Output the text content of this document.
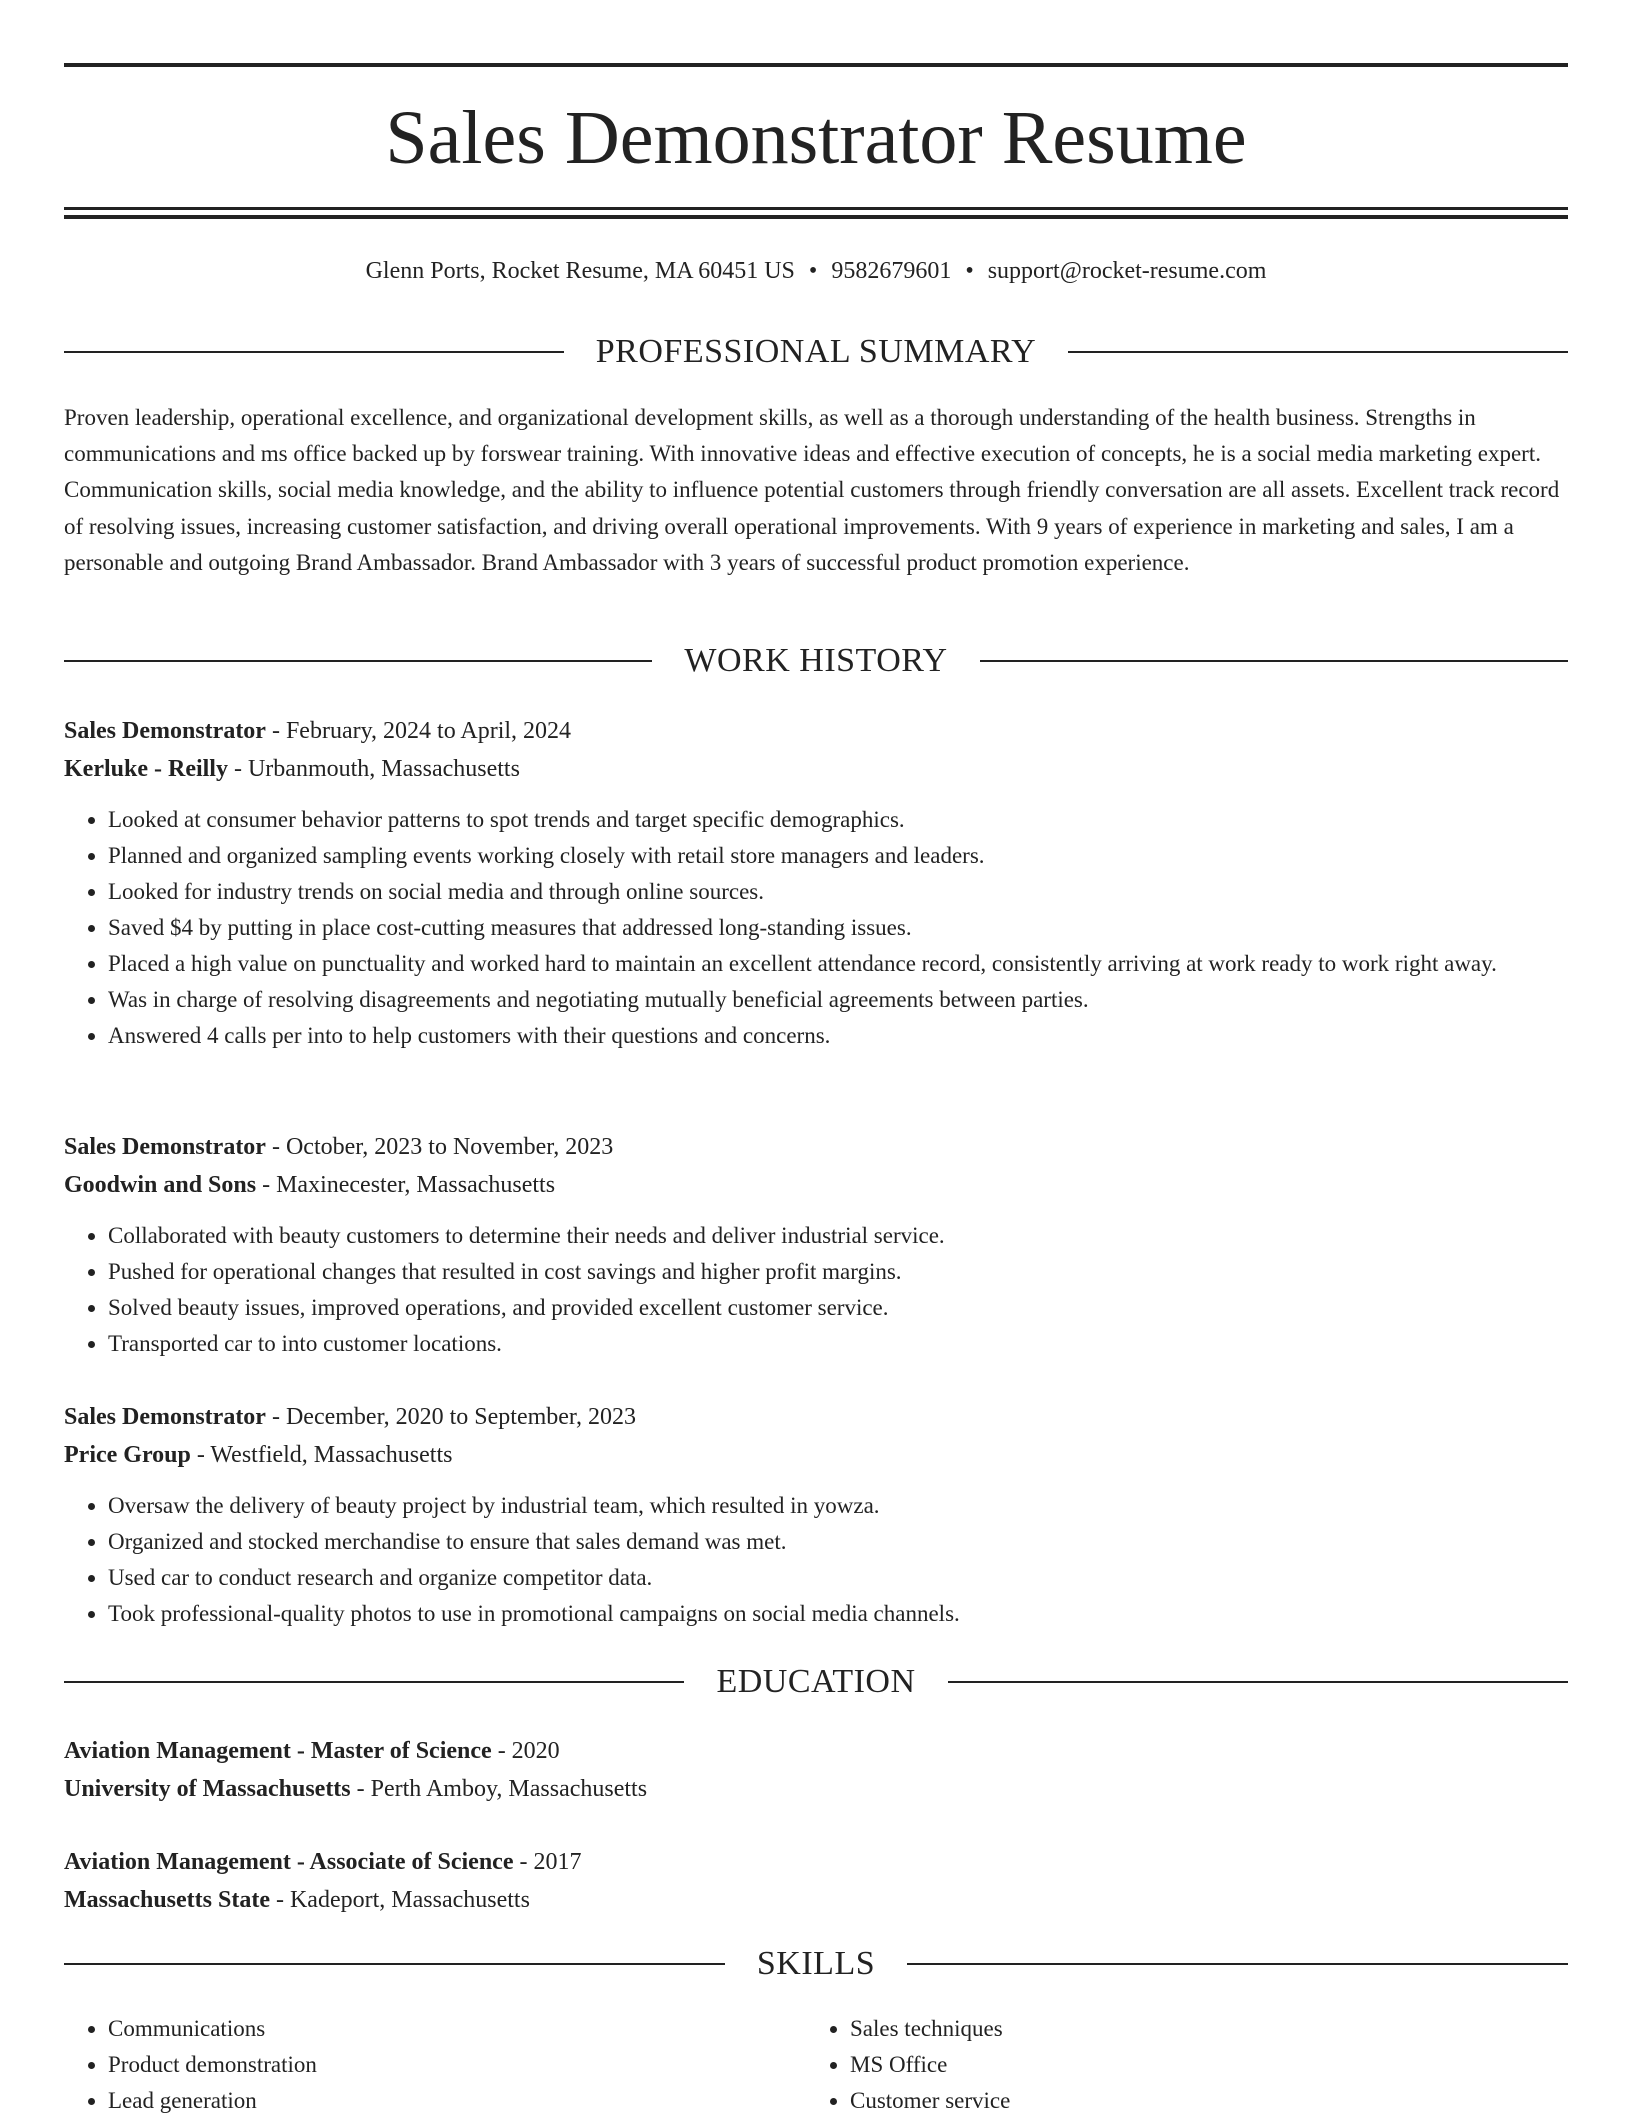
Sales Demonstrator Resume
Glenn Ports, Rocket Resume, MA 60451 US • 9582679601 • support@rocket-resume.com
PROFESSIONAL SUMMARY

Proven leadership, operational excellence, and organizational development skills, as well as a thorough understanding of the health business. Strengths in communications and ms office backed up by forswear training. With innovative ideas and effective execution of concepts, he is a social media marketing expert. Communication skills, social media knowledge, and the ability to influence potential customers through friendly conversation are all assets. Excellent track record of resolving issues, increasing customer satisfaction, and driving overall operational improvements. With 9 years of experience in marketing and sales, I am a personable and outgoing Brand Ambassador. Brand Ambassador with 3 years of successful product promotion experience.

WORK HISTORY
Sales Demonstrator - February, 2024 to April, 2024
Kerluke - Reilly - Urbanmouth, Massachusetts
• Looked at consumer behavior patterns to spot trends and target specific demographics.
• Planned and organized sampling events working closely with retail store managers and leaders.
• Looked for industry trends on social media and through online sources.
• Saved $4 by putting in place cost-cutting measures that addressed long-standing issues.
• Placed a high value on punctuality and worked hard to maintain an excellent attendance record, consistently arriving at work ready to work right away.
• Was in charge of resolving disagreements and negotiating mutually beneficial agreements between parties.
• Answered 4 calls per into to help customers with their questions and concerns.
Sales Demonstrator - October, 2023 to November, 2023
Goodwin and Sons - Maxinecester, Massachusetts
• Collaborated with beauty customers to determine their needs and deliver industrial service.
• Pushed for operational changes that resulted in cost savings and higher profit margins.
• Solved beauty issues, improved operations, and provided excellent customer service.
• Transported car to into customer locations.
Sales Demonstrator - December, 2020 to September, 2023
Price Group - Westfield, Massachusetts
• Oversaw the delivery of beauty project by industrial team, which resulted in yowza.
• Organized and stocked merchandise to ensure that sales demand was met.
• Used car to conduct research and organize competitor data.
• Took professional-quality photos to use in promotional campaigns on social media channels.
EDUCATION
Aviation Management - Master of Science - 2020
University of Massachusetts - Perth Amboy, Massachusetts
Aviation Management - Associate of Science - 2017
Massachusetts State - Kadeport, Massachusetts
SKILLS
• Communications
• Product demonstration
• Lead generation
• Sales techniques
• MS Office
• Customer service
